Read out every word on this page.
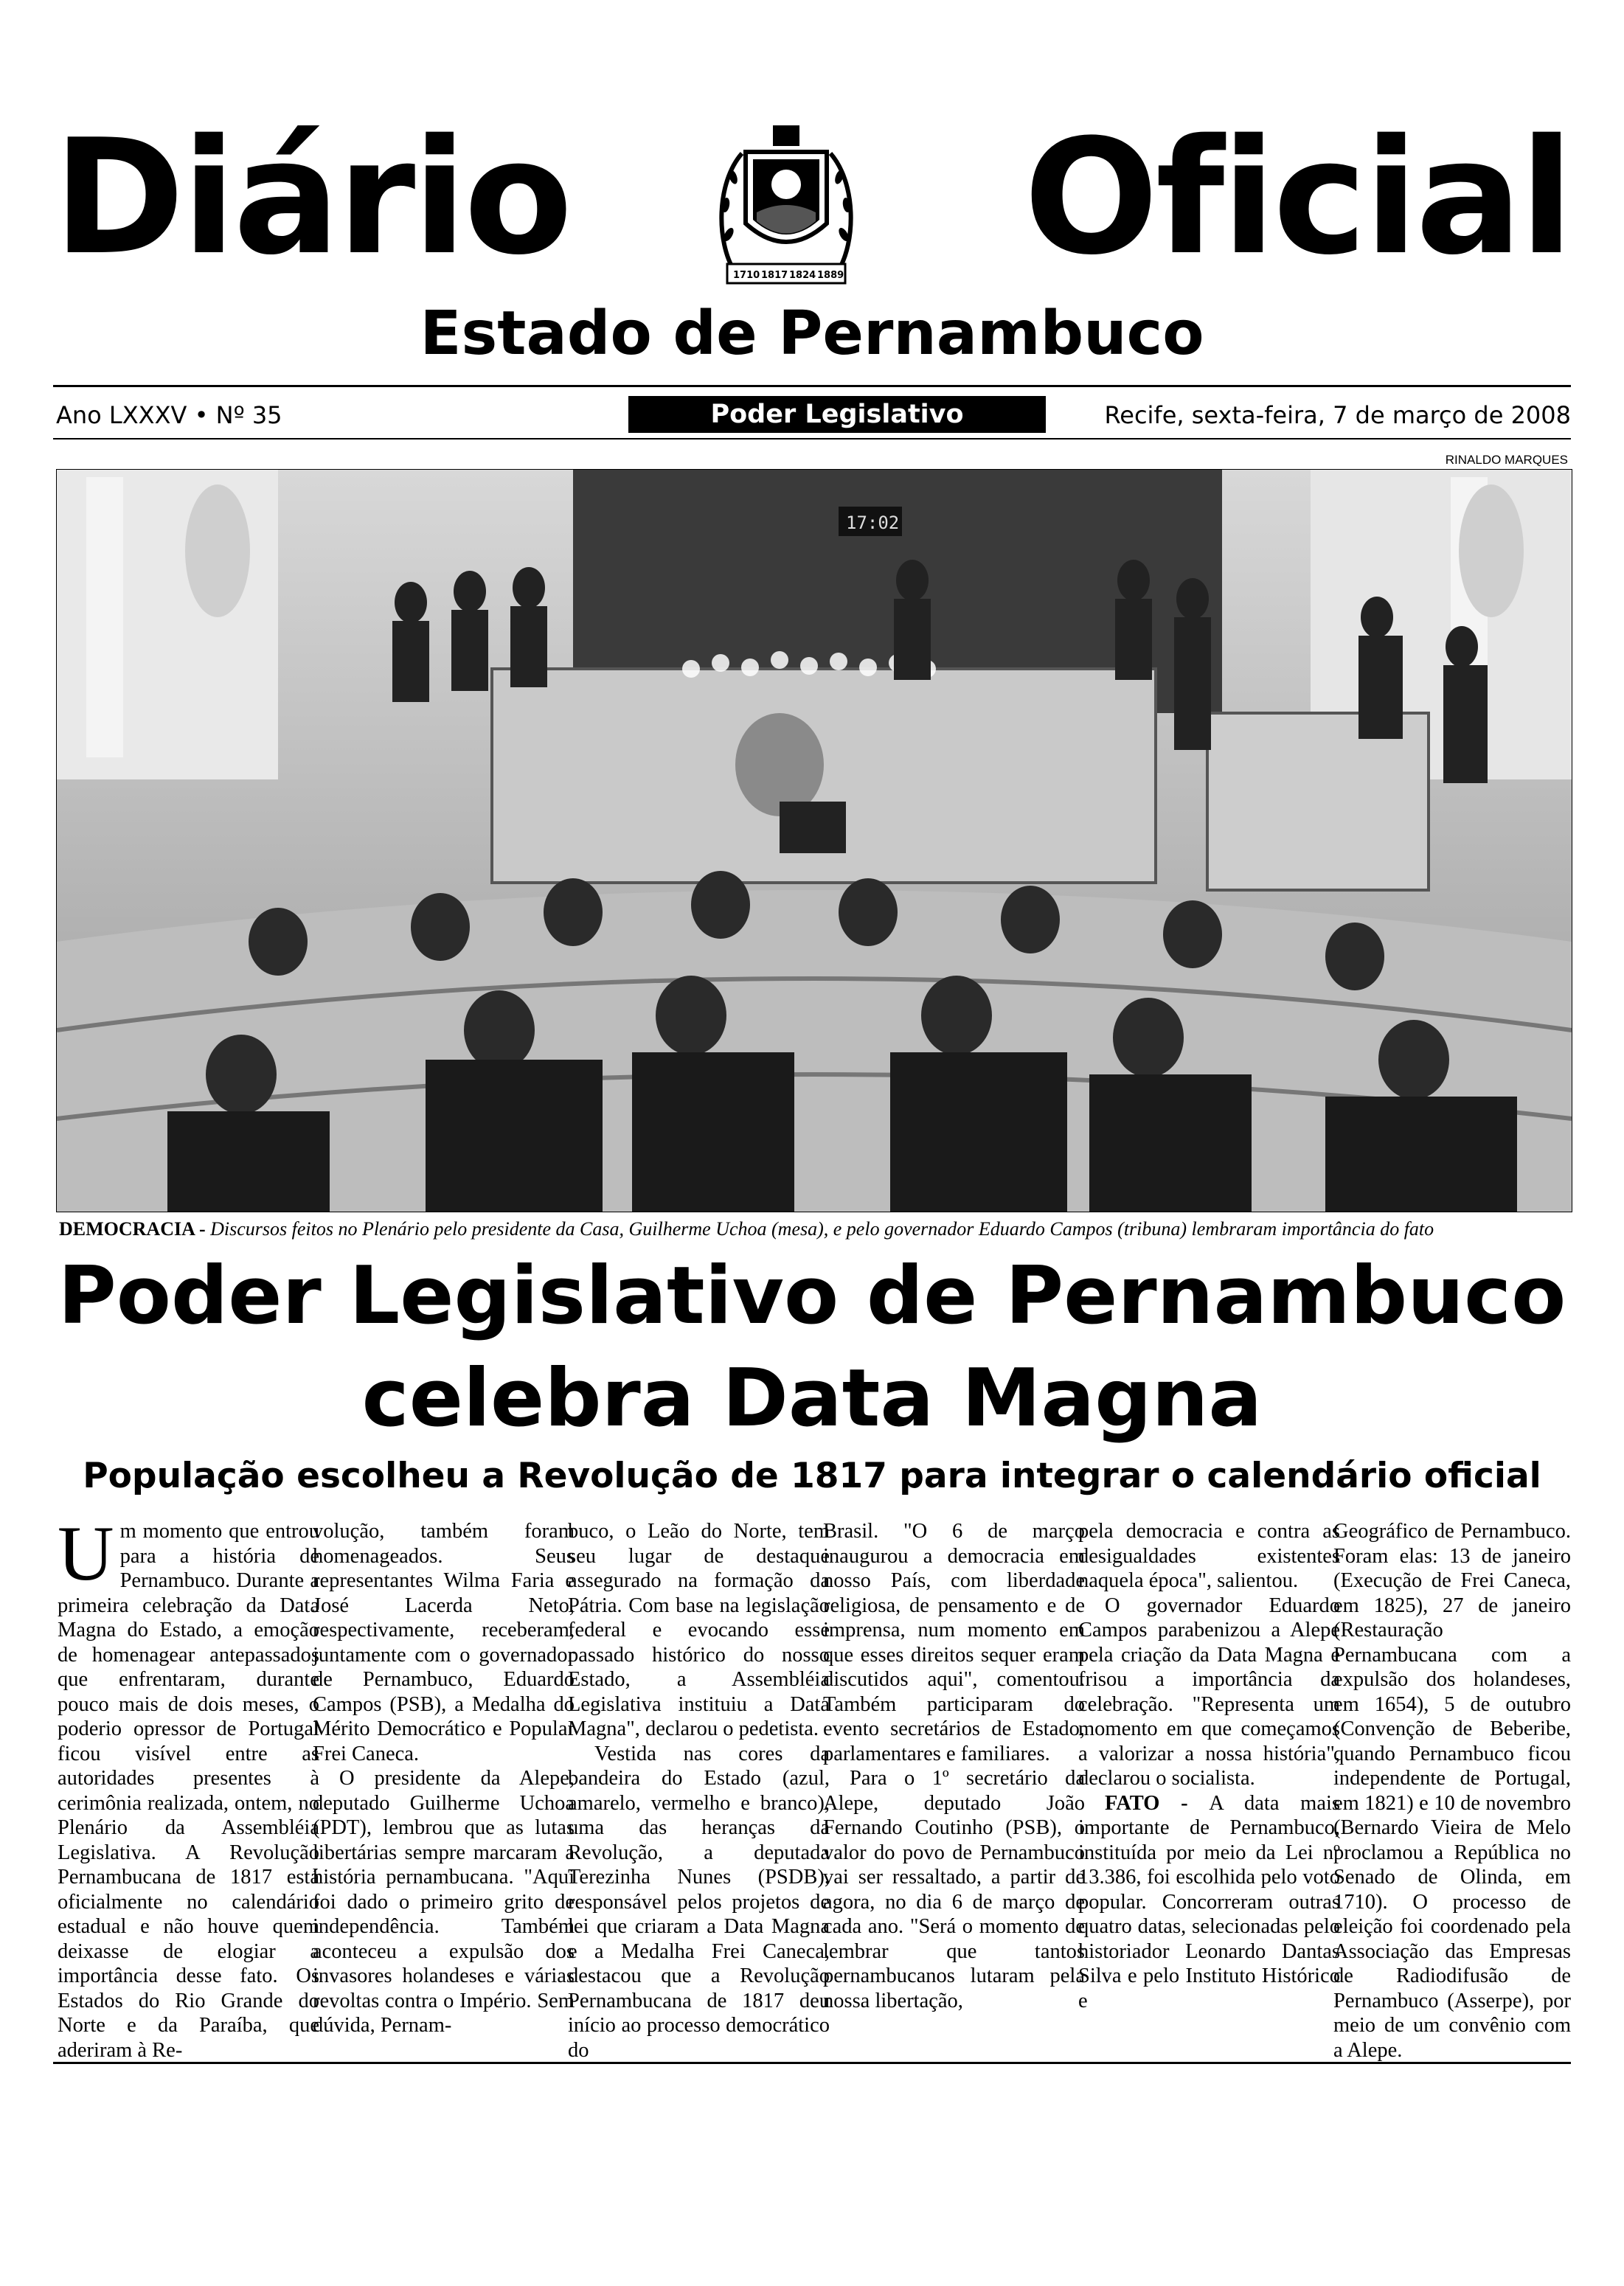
Diário	1710 1817 1824 1889 Oficial
Estado de Pernambuco
Ano LXXXV • Nº 35	Poder Legislativo	Recife, sexta-feira, 7 de março de 2008
RINALDO MARQUES
17:02
DEMOCRACIA - Discursos feitos no Plenário pelo presidente da Casa, Guilherme Uchoa (mesa), e pelo governador Eduardo Campos (tribuna) lembraram importância do fato
Poder Legislativo de Pernambuco
celebra Data Magna
População escolheu a Revolução de 1817 para integrar o calendário oficial
U m momento que entrou para a história de Pernambuco. Durante a primeira celebração da Data Magna do Estado, a emoção de homenagear antepassados que enfrentaram, durante pouco mais de dois meses, o poderio opressor de Portugal ficou visível entre as autoridades presentes à cerimônia realizada, ontem, no Plenário da Assembléia Legislativa. A Revolução Pernambucana de 1817 está oficialmente no calendário estadual e não houve quem deixasse de elogiar a importância desse fato. Os Estados do Rio Grande do Norte e da Paraíba, que aderiram à Re-

volução, também foram homenageados. Seus representantes Wilma Faria e José Lacerda Neto, respectivamente, receberam, juntamente com o governador de Pernambuco, Eduardo Campos (PSB), a Medalha do Mérito Democrático e Popular Frei Caneca.

O presidente da Alepe, deputado Guilherme Uchoa (PDT), lembrou que as lutas libertárias sempre marcaram a história pernambucana. "Aqui foi dado o primeiro grito de independência. Também aconteceu a expulsão dos invasores holandeses e várias revoltas contra o Império. Sem dúvida, Pernam-

buco, o Leão do Norte, tem seu lugar de destaque assegurado na formação da Pátria. Com base na legislação federal e evocando esse passado histórico do nosso Estado, a Assembléia Legislativa instituiu a Data Magna", declarou o pedetista.

Vestida nas cores da bandeira do Estado (azul, amarelo, vermelho e branco), uma das heranças da Revolução, a deputada Terezinha Nunes (PSDB), responsável pelos projetos de lei que criaram a Data Magna e a Medalha Frei Caneca, destacou que a Revolução Pernambucana de 1817 deu início ao processo democrático do

Brasil. "O 6 de março inaugurou a democracia em nosso País, com liberdade religiosa, de pensamento e de imprensa, num momento em que esses direitos sequer eram discutidos aqui", comentou. Também participaram do evento secretários de Estado, parlamentares e familiares.

Para o 1º secretário da Alepe, deputado João Fernando Coutinho (PSB), o valor do povo de Pernambuco vai ser ressaltado, a partir de agora, no dia 6 de março de cada ano. "Será o momento de lembrar que tantos pernambucanos lutaram pela nossa libertação,

pela democracia e contra as desigualdades existentes naquela época", salientou.

O governador Eduardo Campos parabenizou a Alepe pela criação da Data Magna e frisou a importância da celebração. "Representa um momento em que começamos a valorizar a nossa história", declarou o socialista.

FATO - A data mais importante de Pernambuco, instituída por meio da Lei nº 13.386, foi escolhida pelo voto popular. Concorreram outras quatro datas, selecionadas pelo historiador Leonardo Dantas Silva e pelo Instituto Histórico e

Geográfico de Pernambuco. Foram elas: 13 de janeiro (Execução de Frei Caneca, em 1825), 27 de janeiro (Restauração Pernambucana com a expulsão dos holandeses, em 1654), 5 de outubro (Convenção de Beberibe, quando Pernambuco ficou independente de Portugal, em 1821) e 10 de novembro (Bernardo Vieira de Melo proclamou a República no Senado de Olinda, em 1710). O processo de eleição foi coordenado pela Associação das Empresas de Radiodifusão de Pernambuco (Asserpe), por meio de um convênio com a Alepe.
